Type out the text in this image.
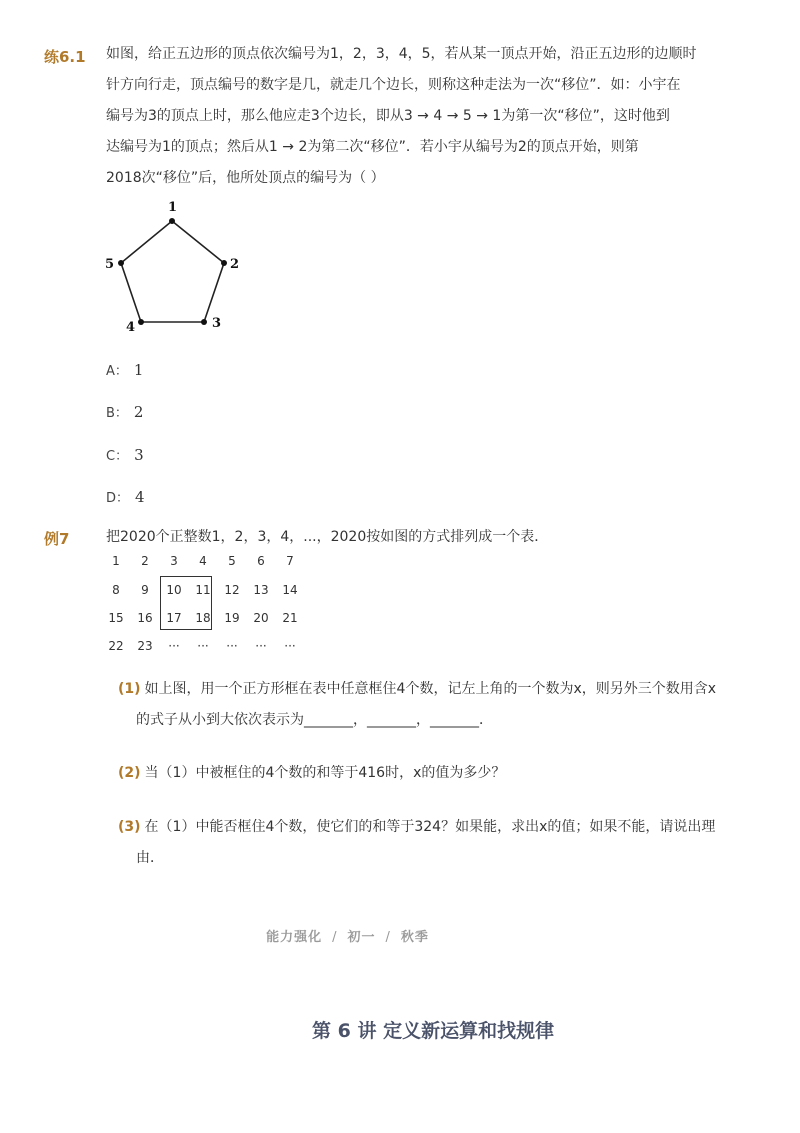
练6.1 如图，给正五边形的顶点依次编号为1，2，3，4，5，若从某一顶点开始，沿正五边形的边顺时
针方向行走，顶点编号的数字是几，就走几个边长，则称这种走法为一次“移位”．如：小宇在
编号为3的顶点上时，那么他应走3个边长，即从3 → 4 → 5 → 1为第一次“移位”，这时他到
达编号为1的顶点；然后从1 → 2为第二次“移位”．若小宇从编号为2的顶点开始，则第
2018次“移位”后，他所处顶点的编号为（ ）
1
2
3
4
5
A： 1
B： 2
C： 3
D： 4
例7	把2020个正整数1，2，3，4，...，2020按如图的方式排列成一个表．
1	2	3	4	5	6	7
8	9	10	11	12	13	14
15	16	17	18	19	20	21
22	23	···	···	···	···	···
(1) 如上图，用一个正方形框在表中任意框住4个数，记左上角的一个数为x，则另外三个数用含x
的式子从小到大依次表示为_______，_______，_______．
(2) 当（1）中被框住的4个数的和等于416时，x的值为多少？
(3) 在（1）中能否框住4个数，使它们的和等于324？如果能，求出x的值；如果不能，请说出理
由．
能力强化 / 初一 / 秋季
第 6 讲 定义新运算和找规律
